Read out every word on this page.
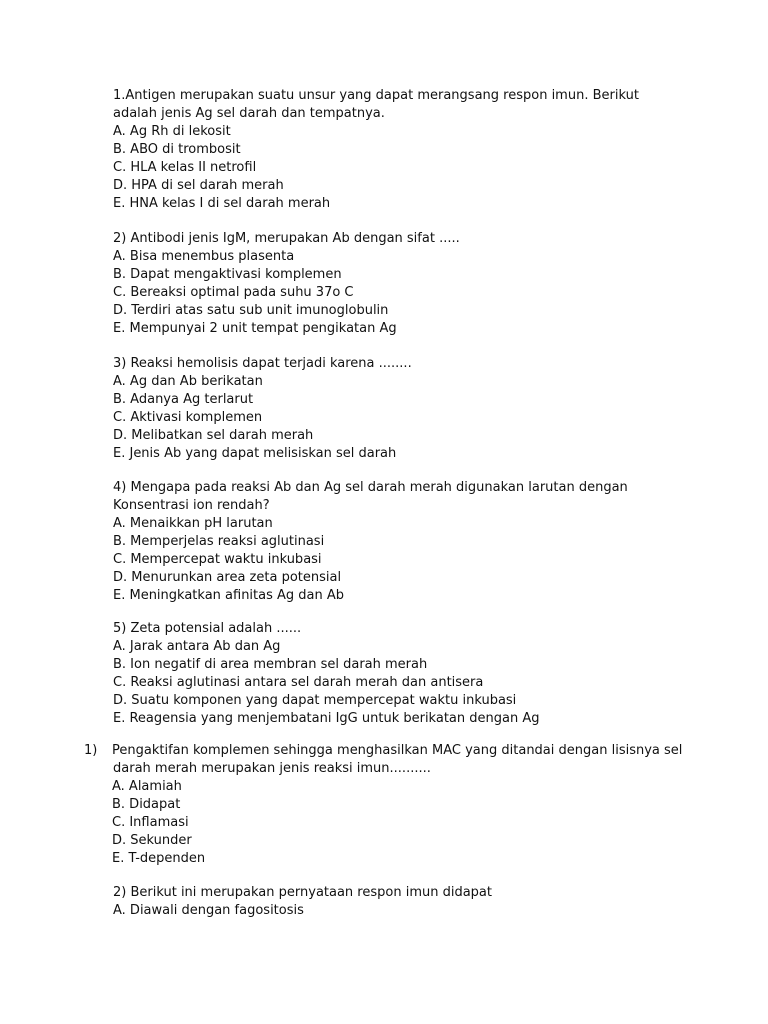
1.Antigen merupakan suatu unsur yang dapat merangsang respon imun. Berikut
adalah jenis Ag sel darah dan tempatnya.
A. Ag Rh di lekosit
B. ABO di trombosit
C. HLA kelas II netrofil
D. HPA di sel darah merah
E. HNA kelas I di sel darah merah
2) Antibodi jenis IgM, merupakan Ab dengan sifat .....
A. Bisa menembus plasenta
B. Dapat mengaktivasi komplemen
C. Bereaksi optimal pada suhu 37o C
D. Terdiri atas satu sub unit imunoglobulin
E. Mempunyai 2 unit tempat pengikatan Ag
3) Reaksi hemolisis dapat terjadi karena ........
A. Ag dan Ab berikatan
B. Adanya Ag terlarut
C. Aktivasi komplemen
D. Melibatkan sel darah merah
E. Jenis Ab yang dapat melisiskan sel darah
4) Mengapa pada reaksi Ab dan Ag sel darah merah digunakan larutan dengan
Konsentrasi ion rendah?
A. Menaikkan pH larutan
B. Memperjelas reaksi aglutinasi
C. Mempercepat waktu inkubasi
D. Menurunkan area zeta potensial
E. Meningkatkan afinitas Ag dan Ab
5) Zeta potensial adalah ......
A. Jarak antara Ab dan Ag
B. Ion negatif di area membran sel darah merah
C. Reaksi aglutinasi antara sel darah merah dan antisera
D. Suatu komponen yang dapat mempercepat waktu inkubasi
E. Reagensia yang menjembatani IgG untuk berikatan dengan Ag
1) Pengaktifan komplemen sehingga menghasilkan MAC yang ditandai dengan lisisnya sel
darah merah merupakan jenis reaksi imun..........
A. Alamiah
B. Didapat
C. Inflamasi
D. Sekunder
E. T-dependen
2) Berikut ini merupakan pernyataan respon imun didapat
A. Diawali dengan fagositosis
